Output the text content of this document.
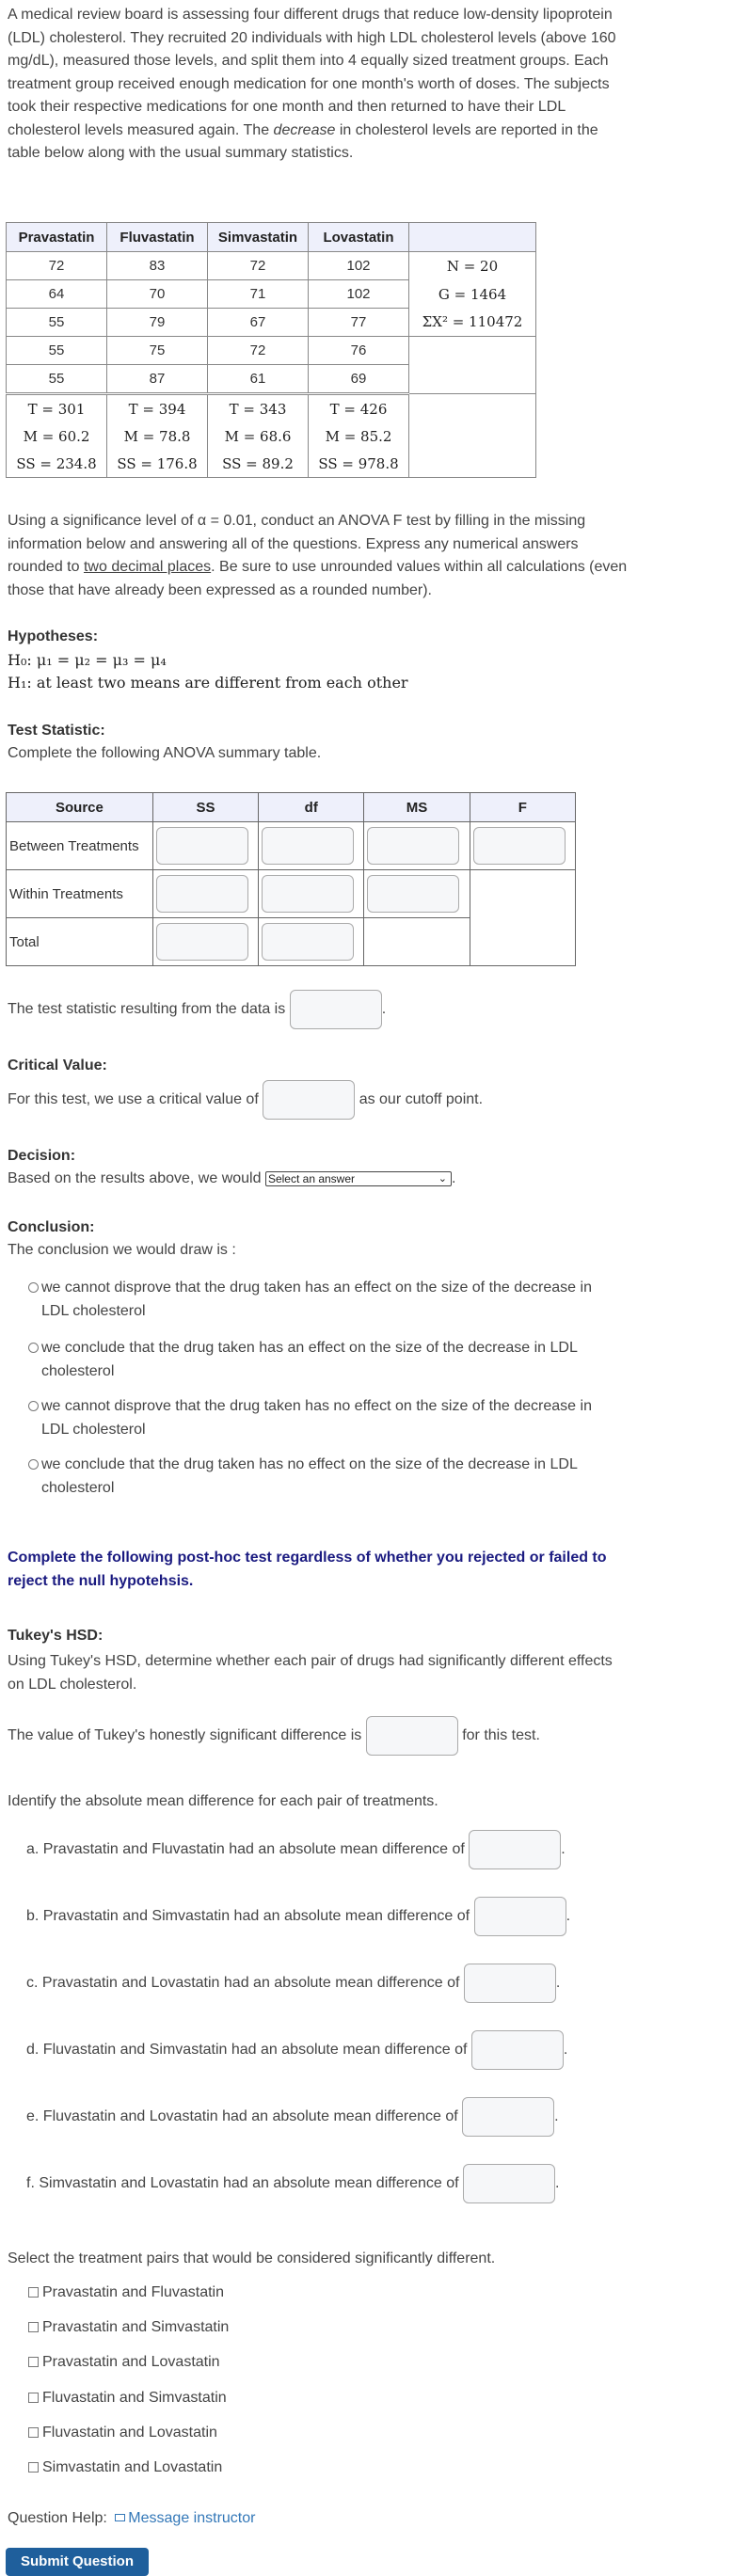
A medical review board is assessing four different drugs that reduce low-density lipoprotein (LDL) cholesterol. They recruited 20 individuals with high LDL cholesterol levels (above 160 mg/dL), measured those levels, and split them into 4 equally sized treatment groups. Each treatment group received enough medication for one month's worth of doses. The subjects took their respective medications for one month and then returned to have their LDL cholesterol levels measured again. The decrease in cholesterol levels are reported in the table below along with the usual summary statistics.

Pravastatin	Fluvastatin	Simvastatin	Lovastatin	
72	83	72	102	N = 20
64	70	71	102	G = 1464
55	79	67	77	ΣX² = 110472
55	75	72	76	
55	87	61	69	
T = 301	T = 394	T = 343	T = 426	
M = 60.2	M = 78.8	M = 68.6	M = 85.2	
SS = 234.8	SS = 176.8	SS = 89.2	SS = 978.8	

Using a significance level of α = 0.01, conduct an ANOVA F test by filling in the missing information below and answering all of the questions. Express any numerical answers rounded to two decimal places. Be sure to use unrounded values within all calculations (even those that have already been expressed as a rounded number).

Hypotheses:
H₀: μ₁ = μ₂ = μ₃ = μ₄
H₁: at least two means are different from each other
Test Statistic:
Complete the following ANOVA summary table.
Source	SS	df	MS	F
Between Treatments				
Within Treatments				
Total				
The test statistic resulting from the data is	.
Critical Value:
For this test, we use a critical value of	as our cutoff point.
Decision:
Based on the results above, we would Select an answer	⌄ .
Conclusion:
The conclusion we would draw is :
we cannot disprove that the drug taken has an effect on the size of the decrease in
LDL cholesterol
we conclude that the drug taken has an effect on the size of the decrease in LDL
cholesterol
we cannot disprove that the drug taken has no effect on the size of the decrease in
LDL cholesterol
we conclude that the drug taken has no effect on the size of the decrease in LDL
cholesterol
Complete the following post-hoc test regardless of whether you rejected or failed to reject the null hypotehsis.
Tukey's HSD:
Using Tukey's HSD, determine whether each pair of drugs had significantly different effects on LDL cholesterol.
The value of Tukey's honestly significant difference is	for this test.
Identify the absolute mean difference for each pair of treatments.
a. Pravastatin and Fluvastatin had an absolute mean difference of	.
b. Pravastatin and Simvastatin had an absolute mean difference of	.
c. Pravastatin and Lovastatin had an absolute mean difference of	.
d. Fluvastatin and Simvastatin had an absolute mean difference of	.
e. Fluvastatin and Lovastatin had an absolute mean difference of	.
f. Simvastatin and Lovastatin had an absolute mean difference of	.
Select the treatment pairs that would be considered significantly different.
Pravastatin and Fluvastatin
Pravastatin and Simvastatin
Pravastatin and Lovastatin
Fluvastatin and Simvastatin
Fluvastatin and Lovastatin
Simvastatin and Lovastatin
Question Help: Message instructor
Submit Question
